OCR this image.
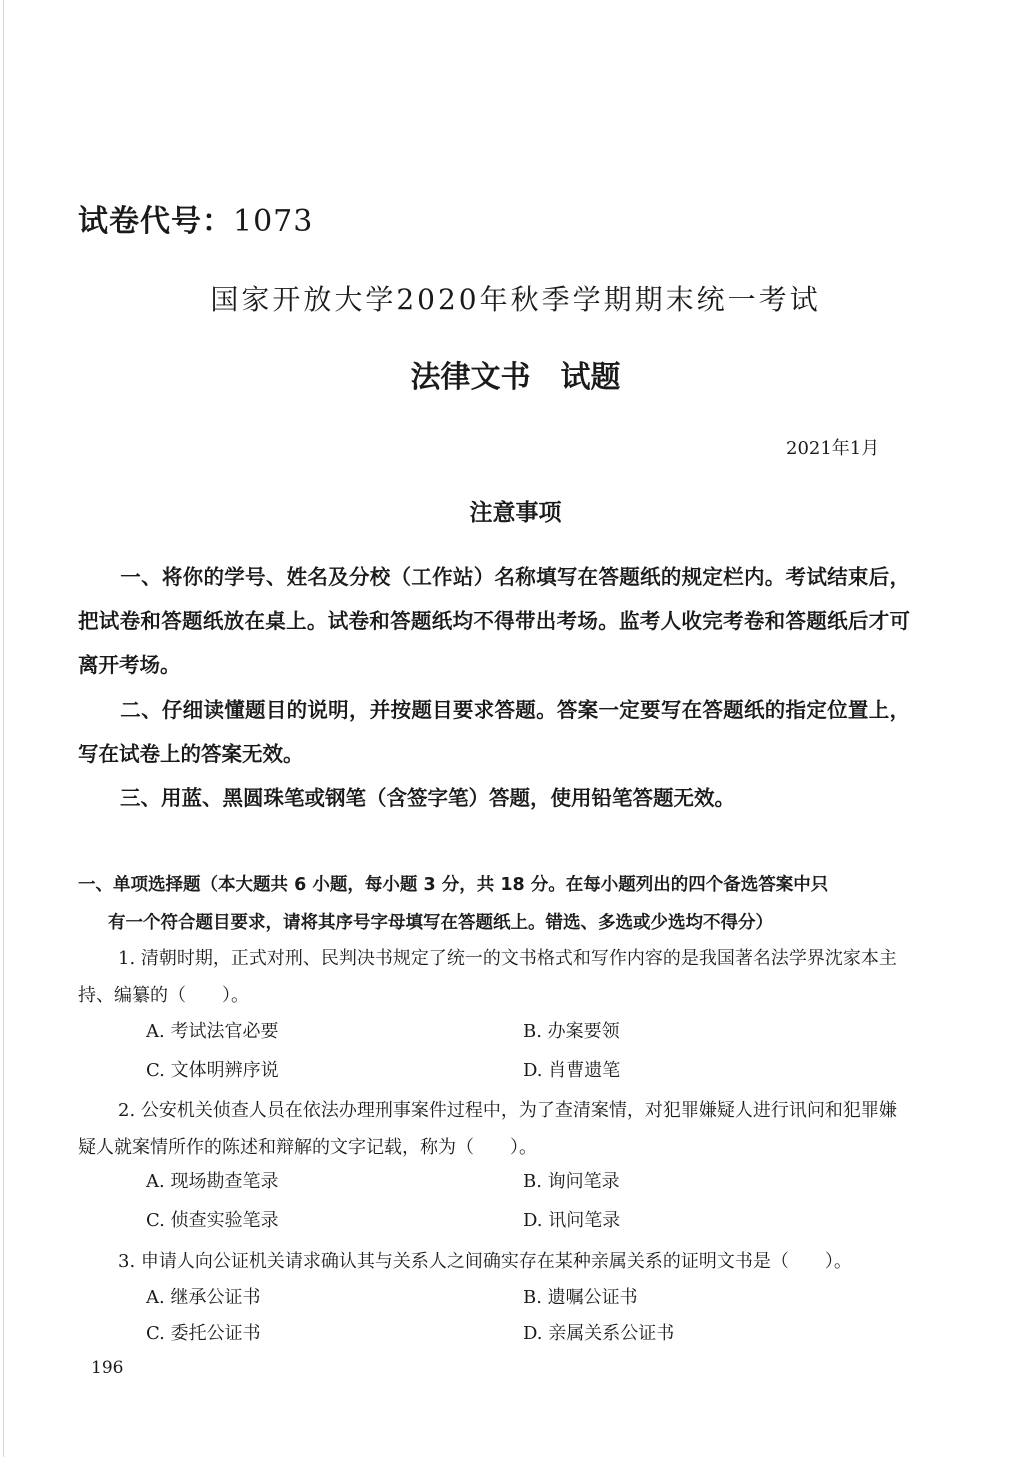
试卷代号：1073
国家开放大学2020年秋季学期期末统一考试
法律文书　试题
2021年1月
注意事项
一、将你的学号、姓名及分校（工作站）名称填写在答题纸的规定栏内。考试结束后，把试卷和答题纸放在桌上。试卷和答题纸均不得带出考场。监考人收完考卷和答题纸后才可离开考场。
二、仔细读懂题目的说明，并按题目要求答题。答案一定要写在答题纸的指定位置上，写在试卷上的答案无效。
三、用蓝、黑圆珠笔或钢笔（含签字笔）答题，使用铅笔答题无效。
一、单项选择题（本大题共 6 小题，每小题 3 分，共 18 分。在每小题列出的四个备选答案中只
有一个符合题目要求，请将其序号字母填写在答题纸上。错选、多选或少选均不得分）
1. 清朝时期，正式对刑、民判决书规定了统一的文书格式和写作内容的是我国著名法学界沈家本主持、编纂的（　　）。
A. 考试法官必要	B. 办案要领
C. 文体明辨序说	D. 肖曹遗笔
2. 公安机关侦查人员在依法办理刑事案件过程中，为了查清案情，对犯罪嫌疑人进行讯问和犯罪嫌疑人就案情所作的陈述和辩解的文字记载，称为（　　）。
A. 现场勘查笔录	B. 询问笔录
C. 侦查实验笔录	D. 讯问笔录
3. 申请人向公证机关请求确认其与关系人之间确实存在某种亲属关系的证明文书是（　　）。
A. 继承公证书	B. 遗嘱公证书
C. 委托公证书	D. 亲属关系公证书
196
